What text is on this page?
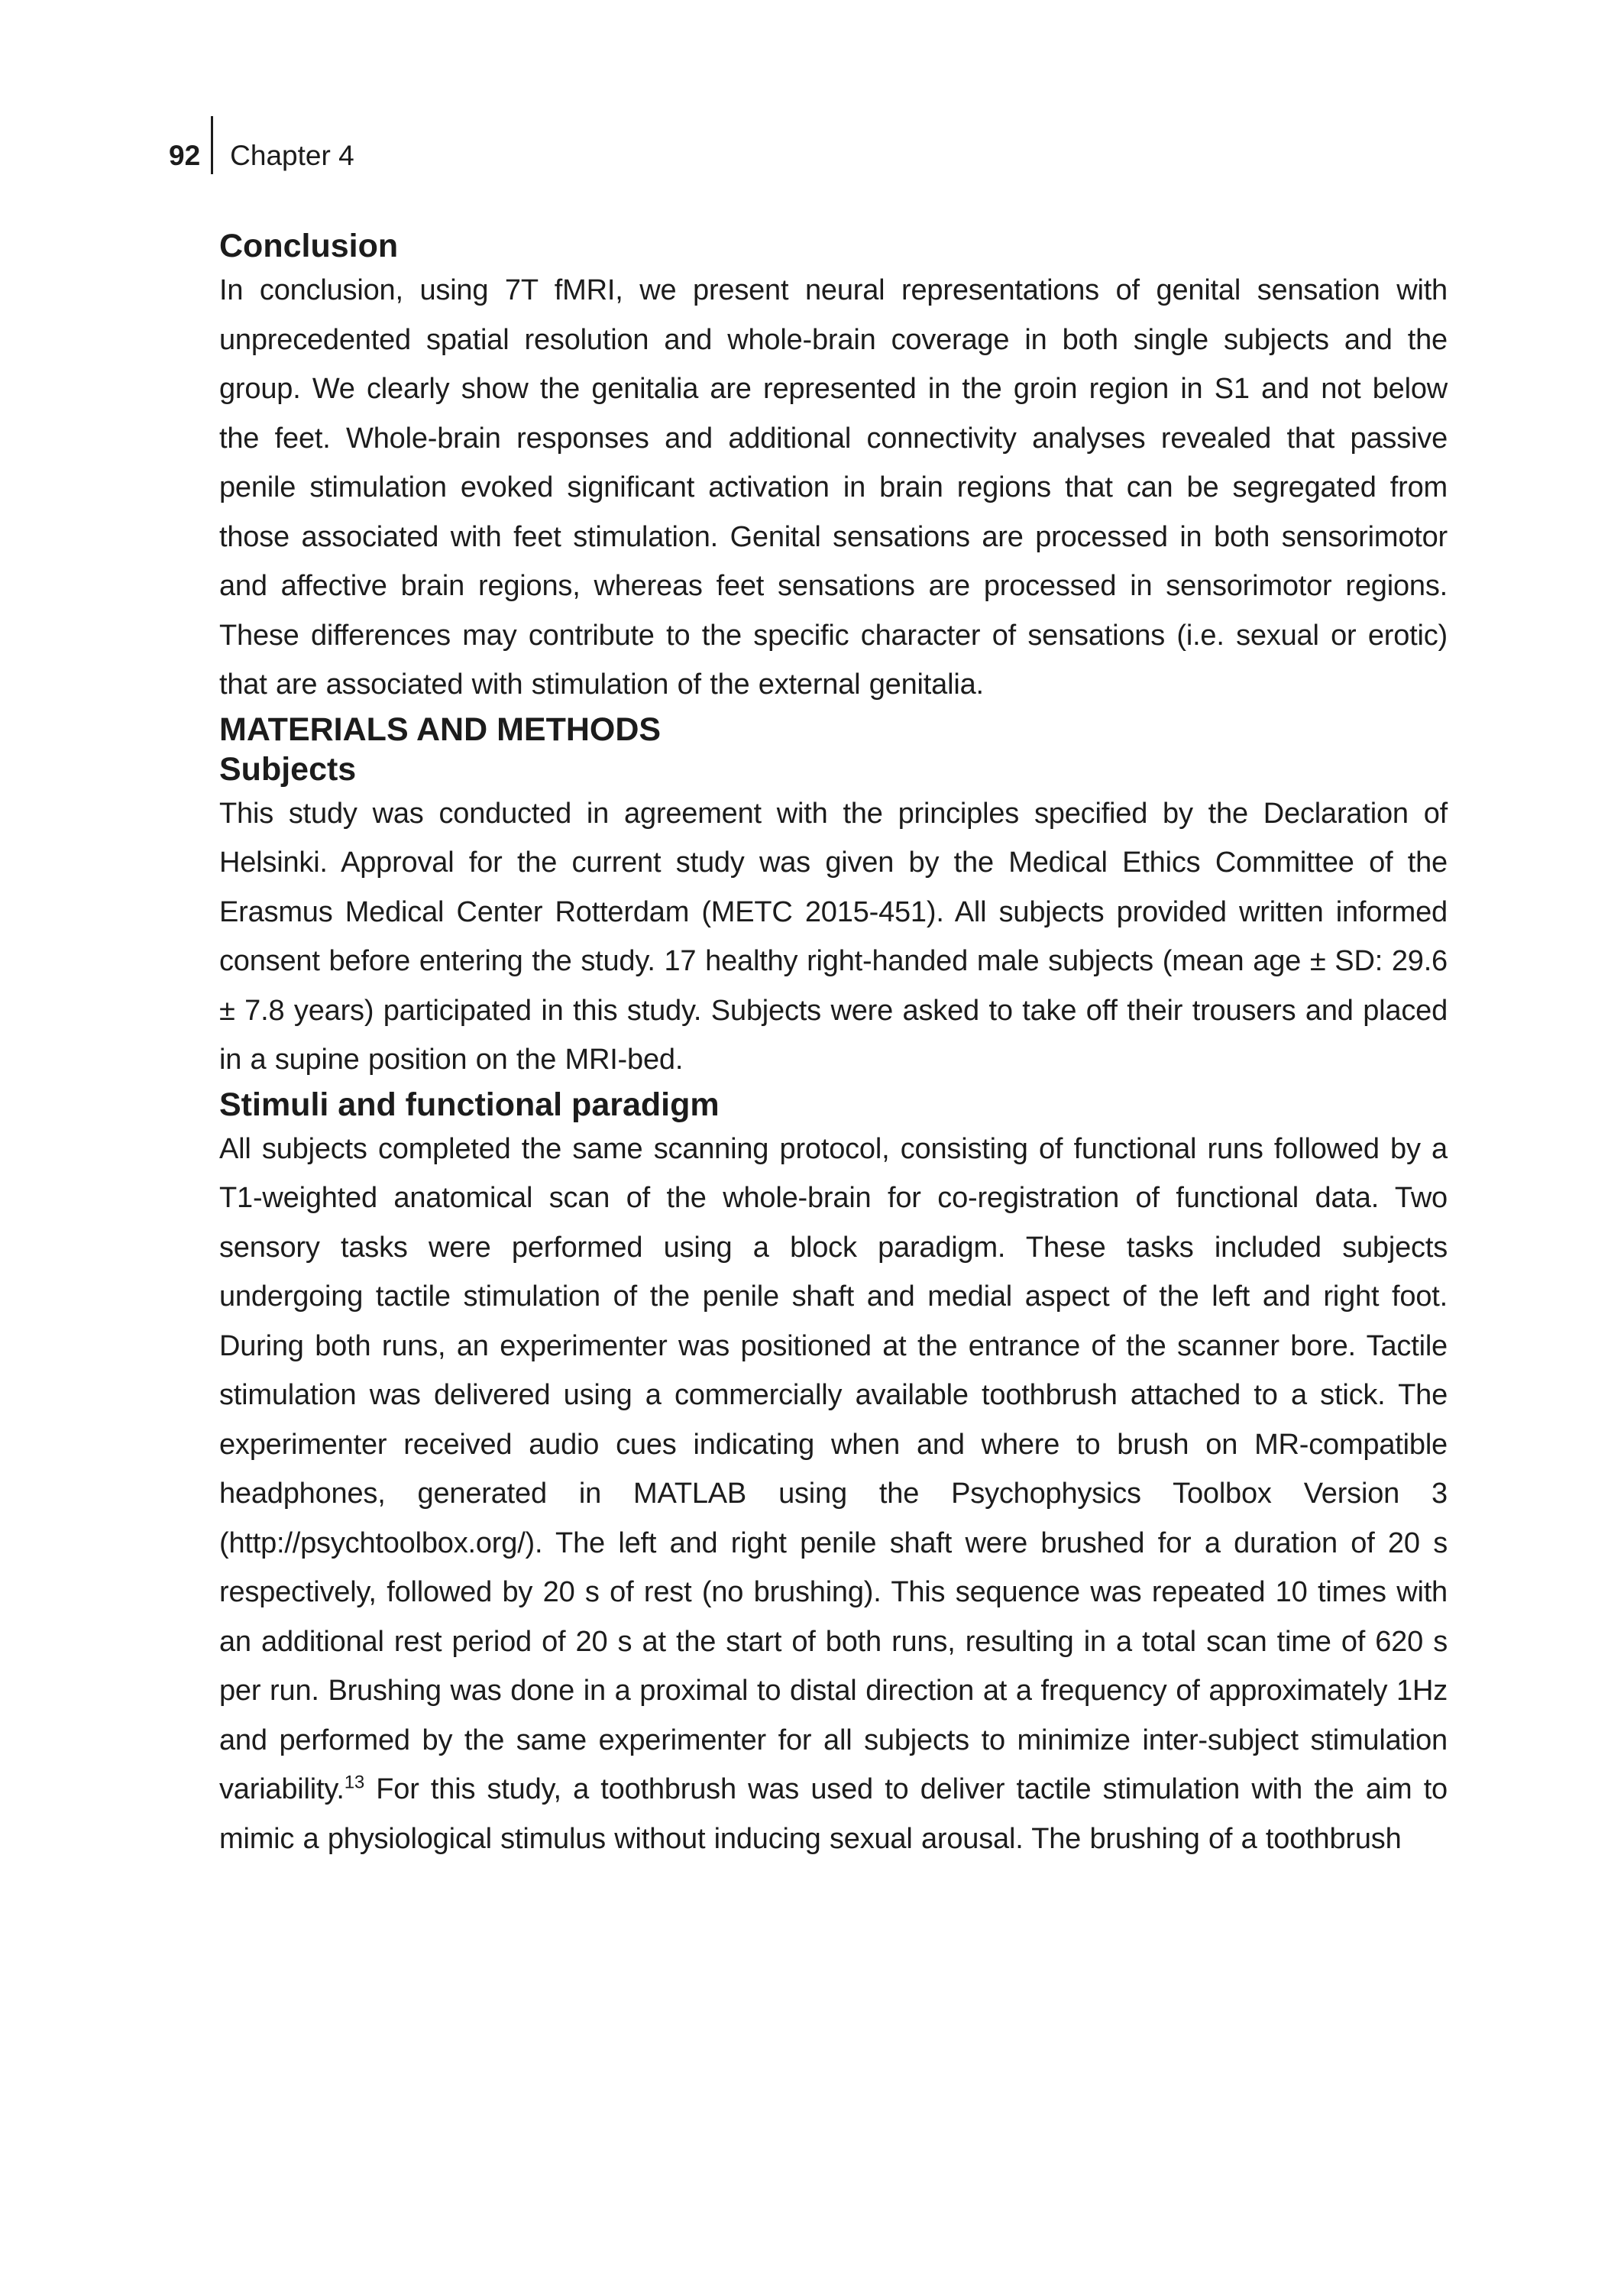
92 Chapter 4
Conclusion

In conclusion, using 7T fMRI, we present neural representations of genital sensation with unprecedented spatial resolution and whole-brain coverage in both single subjects and the group. We clearly show the genitalia are represented in the groin region in S1 and not below the feet. Whole-brain responses and additional connectivity analyses revealed that passive penile stimulation evoked significant activation in brain regions that can be segregated from those associated with feet stimulation. Genital sensations are processed in both sensorimotor and affective brain regions, whereas feet sensations are processed in sensorimotor regions. These differences may contribute to the specific character of sensations (i.e. sexual or erotic) that are associated with stimulation of the external genitalia.

MATERIALS AND METHODS
Subjects

This study was conducted in agreement with the principles specified by the Declaration of Helsinki. Approval for the current study was given by the Medical Ethics Committee of the Erasmus Medical Center Rotterdam (METC 2015-451). All subjects provided written informed consent before entering the study. 17 healthy right-handed male subjects (mean age ± SD: 29.6 ± 7.8 years) participated in this study. Subjects were asked to take off their trousers and placed in a supine position on the MRI-bed.

Stimuli and functional paradigm

All subjects completed the same scanning protocol, consisting of functional runs followed by a T1-weighted anatomical scan of the whole-brain for co-registration of functional data. Two sensory tasks were performed using a block paradigm. These tasks included subjects undergoing tactile stimulation of the penile shaft and medial aspect of the left and right foot. During both runs, an experimenter was positioned at the entrance of the scanner bore. Tactile stimulation was delivered using a commercially available toothbrush attached to a stick. The experimenter received audio cues indicating when and where to brush on MR-compatible headphones, generated in MATLAB using the Psychophysics Toolbox Version 3 (http://psychtoolbox.org/). The left and right penile shaft were brushed for a duration of 20 s respectively, followed by 20 s of rest (no brushing). This sequence was repeated 10 times with an additional rest period of 20 s at the start of both runs, resulting in a total scan time of 620 s per run. Brushing was done in a proximal to distal direction at a frequency of approximately 1Hz and performed by the same experimenter for all subjects to minimize inter-subject stimulation variability.$^{13}$ For this study, a toothbrush was used to deliver tactile stimulation with the aim to mimic a physiological stimulus without inducing sexual arousal. The brushing of a toothbrush
